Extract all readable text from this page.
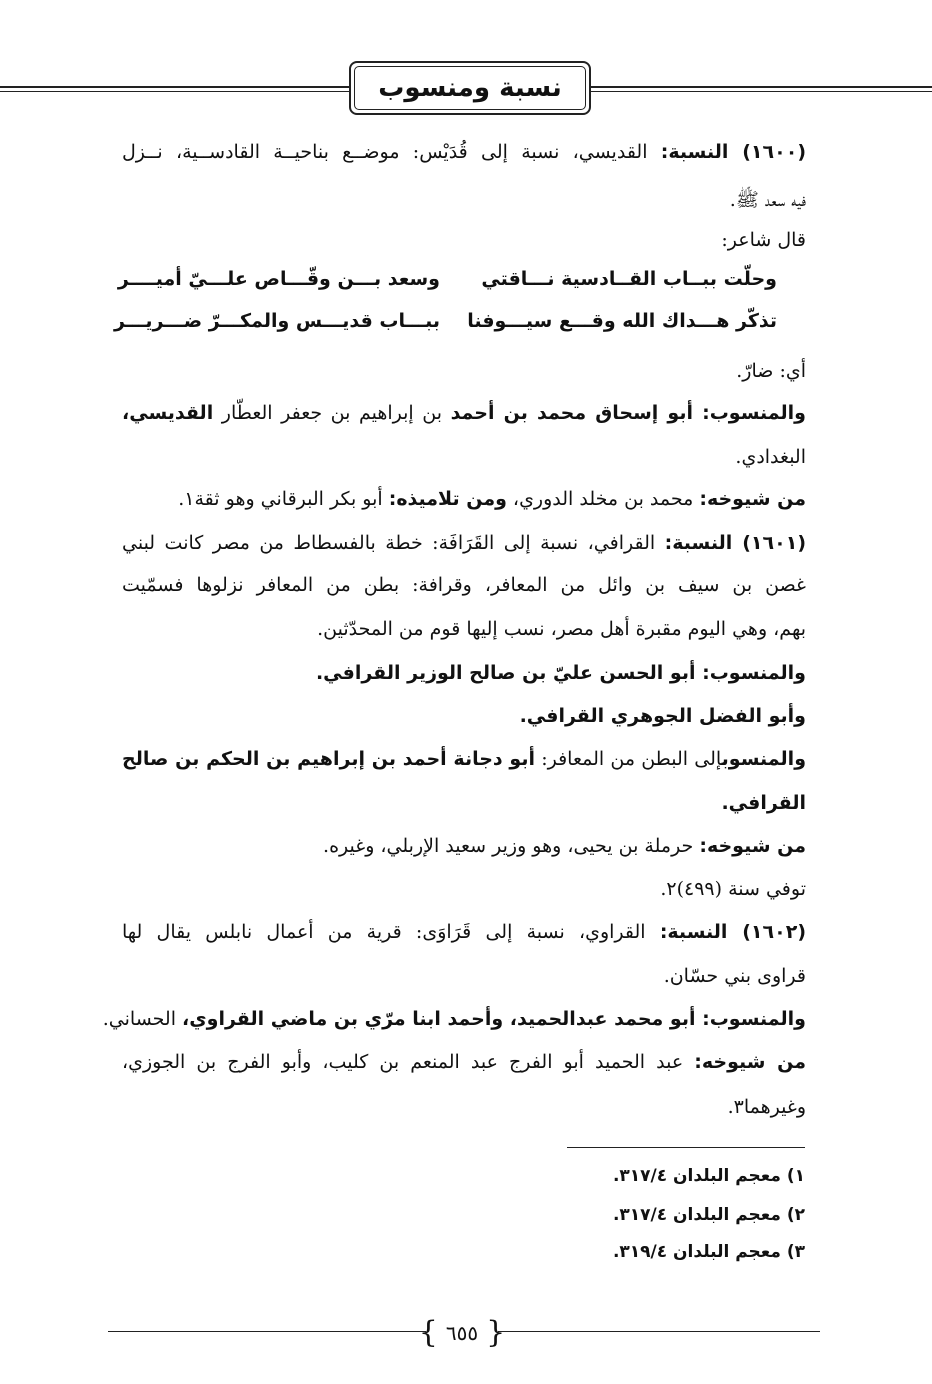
نسبة ومنسوب
(١٦٠٠) النسبة: القديسي، نسبة إلى قُدَيْس: موضــع بناحيــة القادســية، نــزل
فيه سعد ﷺ.
قال شاعر:
وحلّت ببــاب القــادسية نـــاقتي
وسعد بـــن وقّـــاص علـــيّ أميــــر
تذكّر هـــداك الله وقـــع سيـــوفنا
ببـــاب قديـــس والمكـــرّ ضـــريـــر
أي: ضارّ.
والمنسوب: أبو إسحاق محمد بن أحمد بن إبراهيم بن جعفر العطّار القديسي،
البغدادي.
من شيوخه: محمد بن مخلد الدوري، ومن تلاميذه: أبو بكر البرقاني وهو ثقة١.
(١٦٠١) النسبة: القرافي، نسبة إلى القَرَافَة: خطة بالفسطاط من مصر كانت لبني
غصن بن سيف بن وائل من المعافر، وقرافة: بطن من المعافر نزلوها فسمّيت
بهم، وهي اليوم مقبرة أهل مصر، نسب إليها قوم من المحدّثين.
والمنسوب: أبو الحسن عليّ بن صالح الوزير القرافي.
وأبو الفضل الجوهري القرافي.
والمنسوبإلى البطن من المعافر: أبو دجانة أحمد بن إبراهيم بن الحكم بن صالح
القرافي.
من شيوخه: حرملة بن يحيى، وهو وزير سعيد الإربلي، وغيره.
توفي سنة (٤٩٩)٢.
(١٦٠٢) النسبة: القراوي، نسبة إلى قَرَاوَى: قرية من أعمال نابلس يقال لها
قراوى بني حسّان.
والمنسوب: أبو محمد عبدالحميد، وأحمد ابنا مرّي بن ماضي القراوي، الحساني.
من شيوخه: عبد الحميد أبو الفرج عبد المنعم بن كليب، وأبو الفرج بن الجوزي،
وغيرهما٣.
١) معجم البلدان ٣١٧/٤.
٢) معجم البلدان ٣١٧/٤.
٣) معجم البلدان ٣١٩/٤.
{ ٦٥٥ }
